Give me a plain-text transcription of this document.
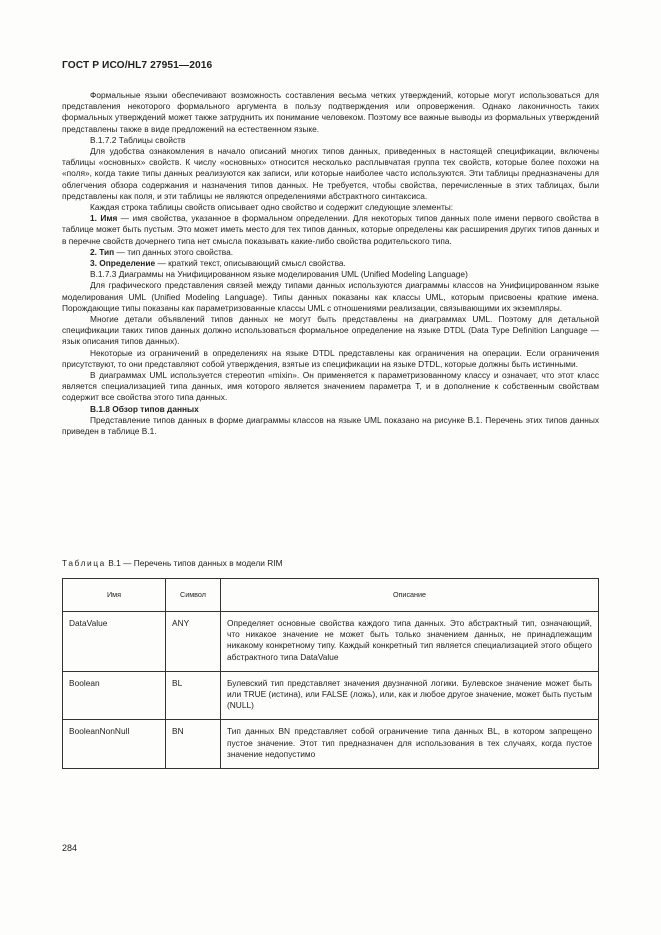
ГОСТ Р ИСО/HL7 27951—2016

Формальные языки обеспечивают возможность составления весьма четких утверждений, которые могут использоваться для представления некоторого формального аргумента в пользу подтверждения или опровержения. Однако лаконичность таких формальных утверждений может также затруднить их понимание человеком. Поэтому все важные выводы из формальных утверждений представлены также в виде предложений на естественном языке.

В.1.7.2 Таблицы свойств

Для удобства ознакомления в начало описаний многих типов данных, приведенных в настоящей спецификации, включены таблицы «основных» свойств. К числу «основных» относится несколько расплывчатая группа тех свойств, которые более похожи на «поля», когда такие типы данных реализуются как записи, или которые наиболее часто используются. Эти таблицы предназначены для облегчения обзора содержания и назначения типов данных. Не требуется, чтобы свойства, перечисленные в этих таблицах, были представлены как поля, и эти таблицы не являются определениями абстрактного синтаксиса.

Каждая строка таблицы свойств описывает одно свойство и содержит следующие элементы:

1. Имя — имя свойства, указанное в формальном определении. Для некоторых типов данных поле имени первого свойства в таблице может быть пустым. Это может иметь место для тех типов данных, которые определены как расширения других типов данных и в перечне свойств дочернего типа нет смысла показывать какие-либо свойства родительского типа.

2. Тип — тип данных этого свойства.

3. Определение — краткий текст, описывающий смысл свойства.

В.1.7.3 Диаграммы на Унифицированном языке моделирования UML (Unified Modeling Language)

Для графического представления связей между типами данных используются диаграммы классов на Унифицированном языке моделирования UML (Unified Modeling Language). Типы данных показаны как классы UML, которым присвоены краткие имена. Порождающие типы показаны как параметризованные классы UML с отношениями реализации, связывающими их экземпляры.

Многие детали объявлений типов данных не могут быть представлены на диаграммах UML. Поэтому для детальной спецификации таких типов данных должно использоваться формальное определение на языке DTDL (Data Type Definition Language — язык описания типов данных).

Некоторые из ограничений в определениях на языке DTDL представлены как ограничения на операции. Если ограничения присутствуют, то они представляют собой утверждения, взятые из спецификации на языке DTDL, которые должны быть истинными.

В диаграммах UML используется стереотип «mixin». Он применяется к параметризованному классу и означает, что этот класс является специализацией типа данных, имя которого является значением параметра T, и в дополнение к собственным свойствам содержит все свойства этого типа данных.

В.1.8 Обзор типов данных

Представление типов данных в форме диаграммы классов на языке UML показано на рисунке В.1. Перечень этих типов данных приведен в таблице В.1.

Таблица В.1 — Перечень типов данных в модели RIM
Имя	Символ	Описание
DataValue	ANY	Определяет основные свойства каждого типа данных. Это абстрактный тип, означающий, что никакое значение не может быть только значением данных, не принадлежащим никакому конкретному типу. Каждый конкретный тип является специализацией этого общего абстрактного типа DataValue
Boolean	BL	Булевский тип представляет значения двузначной логики. Булевское значение может быть или TRUE (истина), или FALSE (ложь), или, как и любое другое значение, может быть пустым (NULL)
BooleanNonNull	BN	Тип данных BN представляет собой ограничение типа данных BL, в котором запрещено пустое значение. Этот тип предназначен для использования в тех случаях, когда пустое значение недопустимо
284
